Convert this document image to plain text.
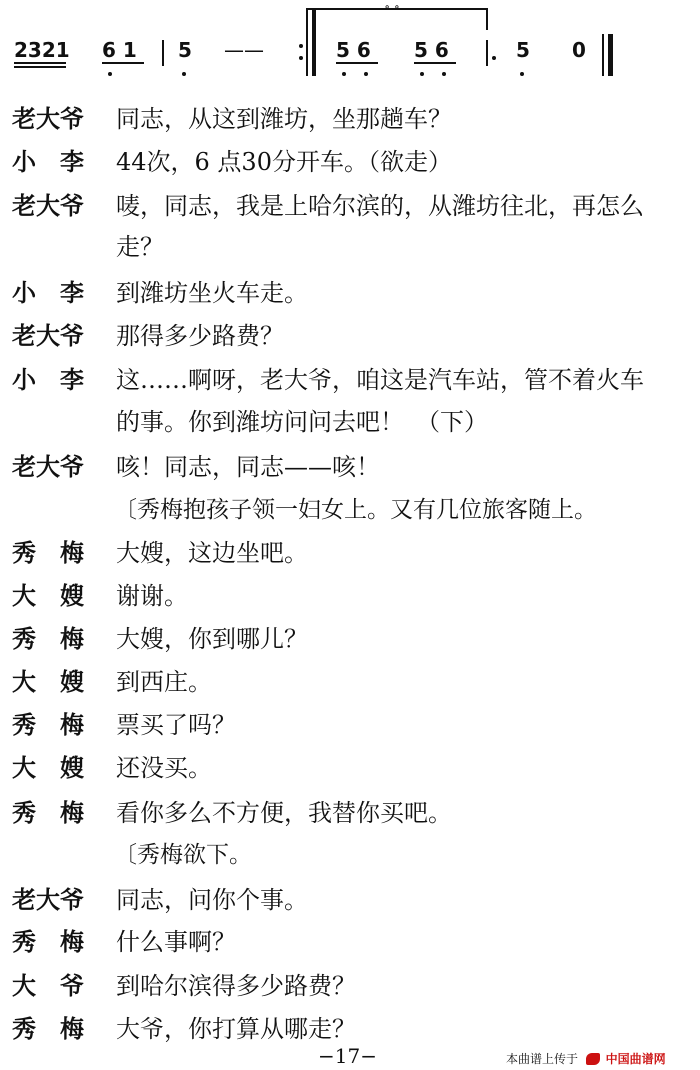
2321 6 1 5 ——
∘ ∘
5 6 5 6	5 0
老大爷	同志，从这到潍坊，坐那趟车？
小　李	44次，6 点30分开车。（欲走）
老大爷	唛，同志，我是上哈尔滨的，从潍坊往北，再怎么
走？
小　李	到潍坊坐火车走。
老大爷	那得多少路费？
小　李	这……啊呀，老大爷，咱这是汽车站，管不着火车
的事。你到潍坊问问去吧！　（下）
老大爷	咳！同志，同志——咳！
〔秀梅抱孩子领一妇女上。又有几位旅客随上。
秀　梅	大嫂，这边坐吧。
大　嫂	谢谢。
秀　梅	大嫂，你到哪儿？
大　嫂	到西庄。
秀　梅	票买了吗？
大　嫂	还没买。
秀　梅	看你多么不方便，我替你买吧。
〔秀梅欲下。
老大爷	同志，问你个事。
秀　梅	什么事啊？
大　爷	到哈尔滨得多少路费？
秀　梅	大爷，你打算从哪走？
−17−	本曲谱上传于 中国曲谱网
